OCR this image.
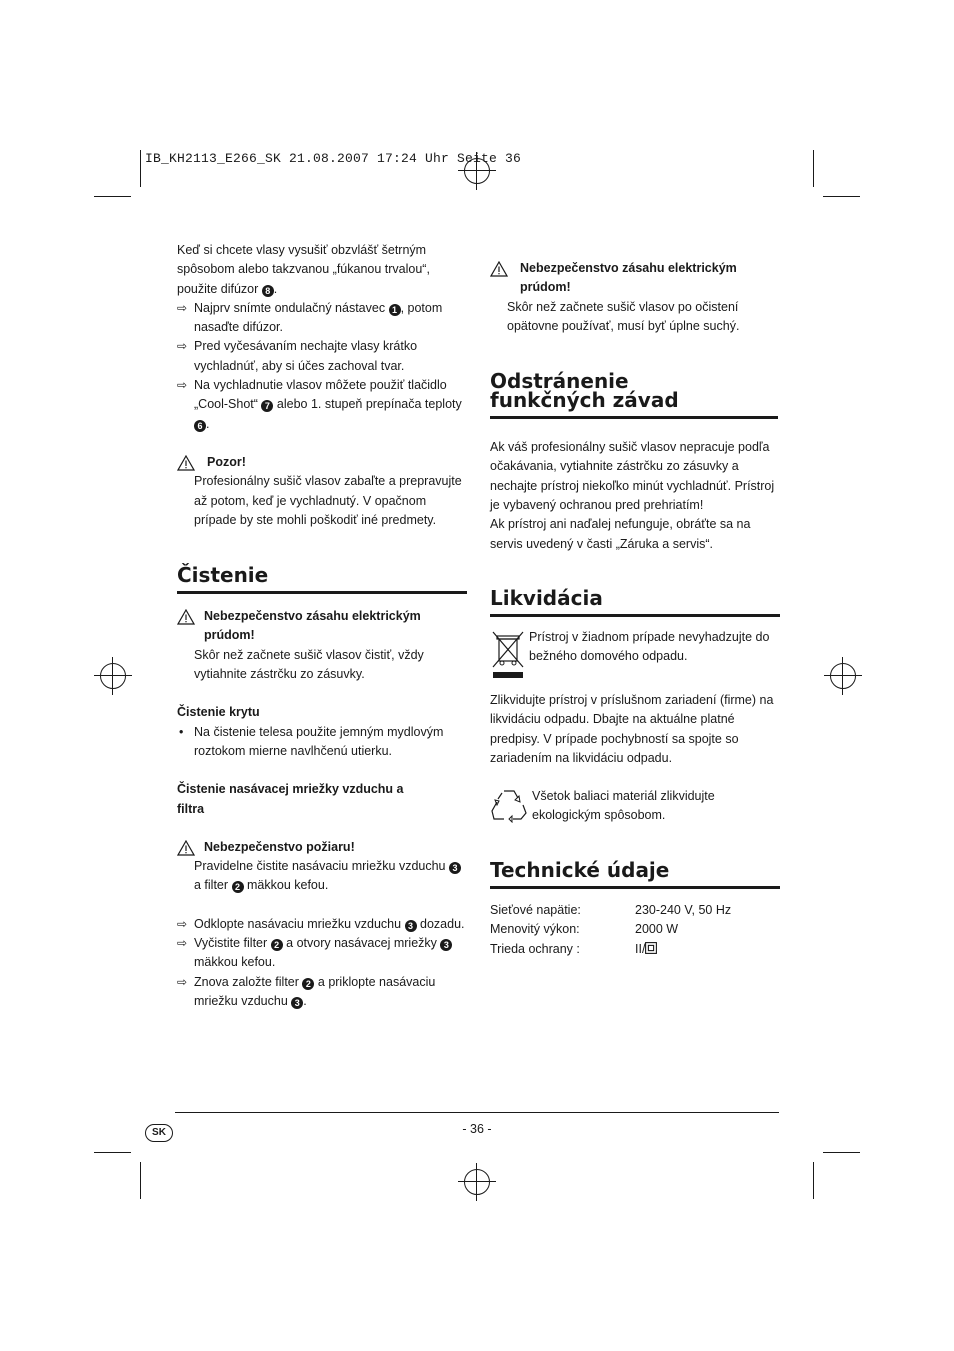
IB_KH2113_E266_SK 21.08.2007 17:24 Uhr Seite 36

Keď si chcete vlasy vysušiť obzvlášť šetrným spôsobom alebo takzvanou „fúkanou trvalou“, použite difúzor 8 .

⇨ Najprv snímte ondulačný nástavec 1 , potom nasaďte difúzor.
⇨ Pred vyčesávaním nechajte vlasy krátko vychladnúť, aby si účes zachoval tvar.
⇨ Na vychladnutie vlasov môžete použiť tlačidlo „Cool-Shot“ 7 alebo 1. stupeň prepínača teploty 6 .
Pozor!

Profesionálny sušič vlasov zabaľte a prepravujte až potom, keď je vychladnutý. V opačnom prípade by ste mohli poškodiť iné predmety.

Čistenie
Nebezpečenstvo zásahu elektrickým prúdom!

Skôr než začnete sušič vlasov čistiť, vždy vytiahnite zástrčku zo zásuvky.

Čistenie krytu

• Na čistenie telesa použite jemným mydlovým roztokom mierne navlhčenú utierku.

Čistenie nasávacej mriežky vzduchu a filtra

Nebezpečenstvo požiaru!

Pravidelne čistite nasávaciu mriežku vzduchu 3 a filter 2 mäkkou kefou.

⇨ Odklopte nasávaciu mriežku vzduchu 3 dozadu.
⇨ Vyčistite filter 2 a otvory nasávacej mriežky 3 mäkkou kefou.
⇨ Znova založte filter 2 a priklopte nasávaciu mriežku vzduchu 3 .

Nebezpečenstvo zásahu elektrickým prúdom!

Skôr než začnete sušič vlasov po očistení opätovne používať, musí byť úplne suchý.

Odstránenie funkčných závad

Ak váš profesionálny sušič vlasov nepracuje podľa očakávania, vytiahnite zástrčku zo zásuvky a nechajte prístroj niekoľko minút vychladnúť. Prístroj je vybavený ochranou pred prehriatím!

Ak prístroj ani naďalej nefunguje, obráťte sa na servis uvedený v časti „Záruka a servis“.

Likvidácia

Prístroj v žiadnom prípade nevyhadzujte do bežného domového odpadu.

Zlikvidujte prístroj v príslušnom zariadení (firme) na likvidáciu odpadu. Dbajte na aktuálne platné predpisy. V prípade pochybností sa spojte so zariadením na likvidáciu odpadu.

Všetok baliaci materiál zlikvidujte ekologickým spôsobom.

Technické údaje
Sieťové napätie:	230-240 V, 50 Hz
Menovitý výkon:	2000 W
Trieda ochrany :	II/
SK	- 36 -
